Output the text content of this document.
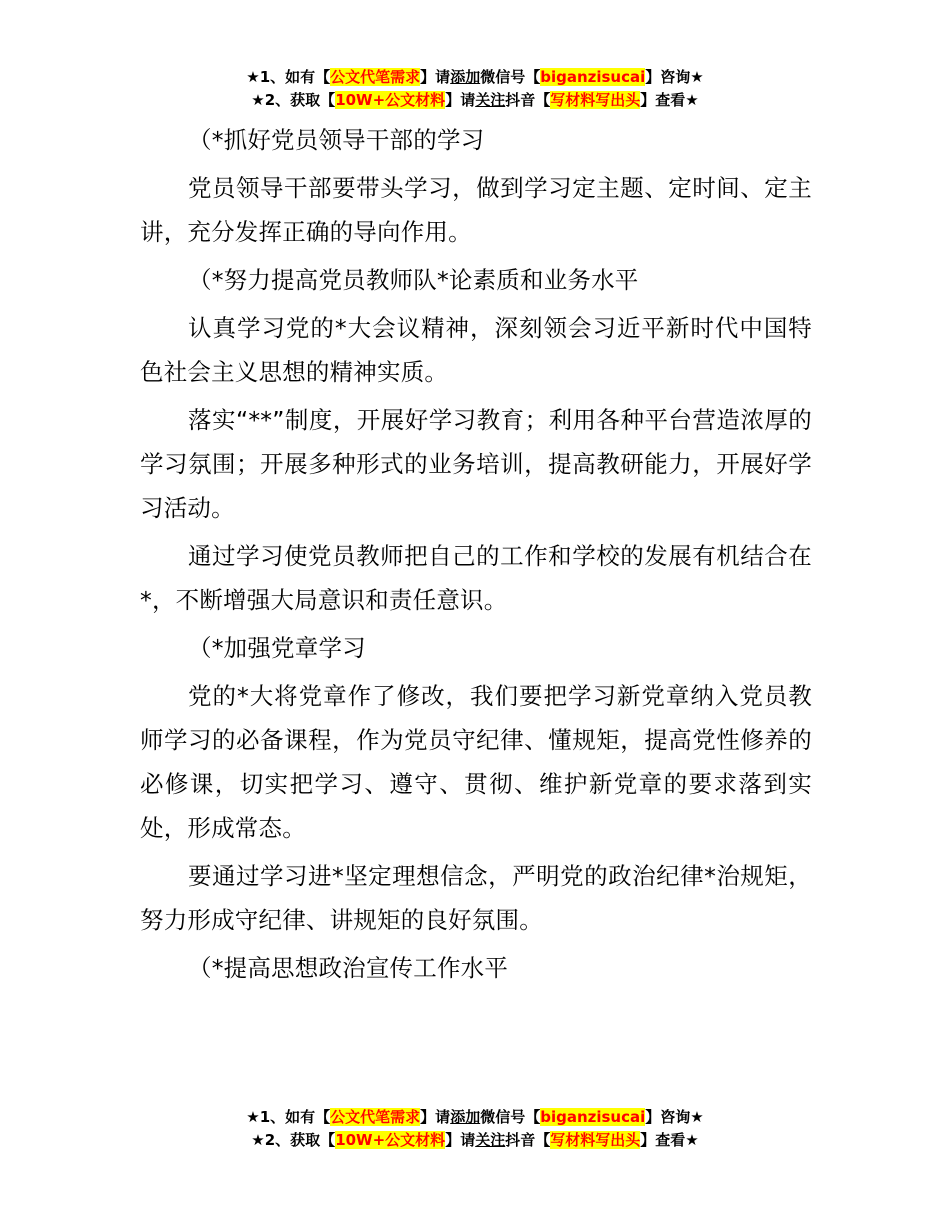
★1、如有【公文代笔需求】请添加微信号【biganzisucai】咨询★
★2、获取【10W+公文材料】请关注抖音【写材料写出头】查看★

（*抓好党员领导干部的学习

党员领导干部要带头学习，做到学习定主题、定时间、定主讲，充分发挥正确的导向作用。

（*努力提高党员教师队*论素质和业务水平

认真学习党的*大会议精神，深刻领会习近平新时代中国特色社会主义思想的精神实质。

落实“**”制度，开展好学习教育；利用各种平台营造浓厚的学习氛围；开展多种形式的业务培训，提高教研能力，开展好学习活动。

通过学习使党员教师把自己的工作和学校的发展有机结合在*，不断增强大局意识和责任意识。

（*加强党章学习

党的*大将党章作了修改，我们要把学习新党章纳入党员教师学习的必备课程，作为党员守纪律、懂规矩，提高党性修养的必修课，切实把学习、遵守、贯彻、维护新党章的要求落到实处，形成常态。

要通过学习进*坚定理想信念，严明党的政治纪律*治规矩，努力形成守纪律、讲规矩的良好氛围。

（*提高思想政治宣传工作水平

★1、如有【公文代笔需求】请添加微信号【biganzisucai】咨询★
★2、获取【10W+公文材料】请关注抖音【写材料写出头】查看★
